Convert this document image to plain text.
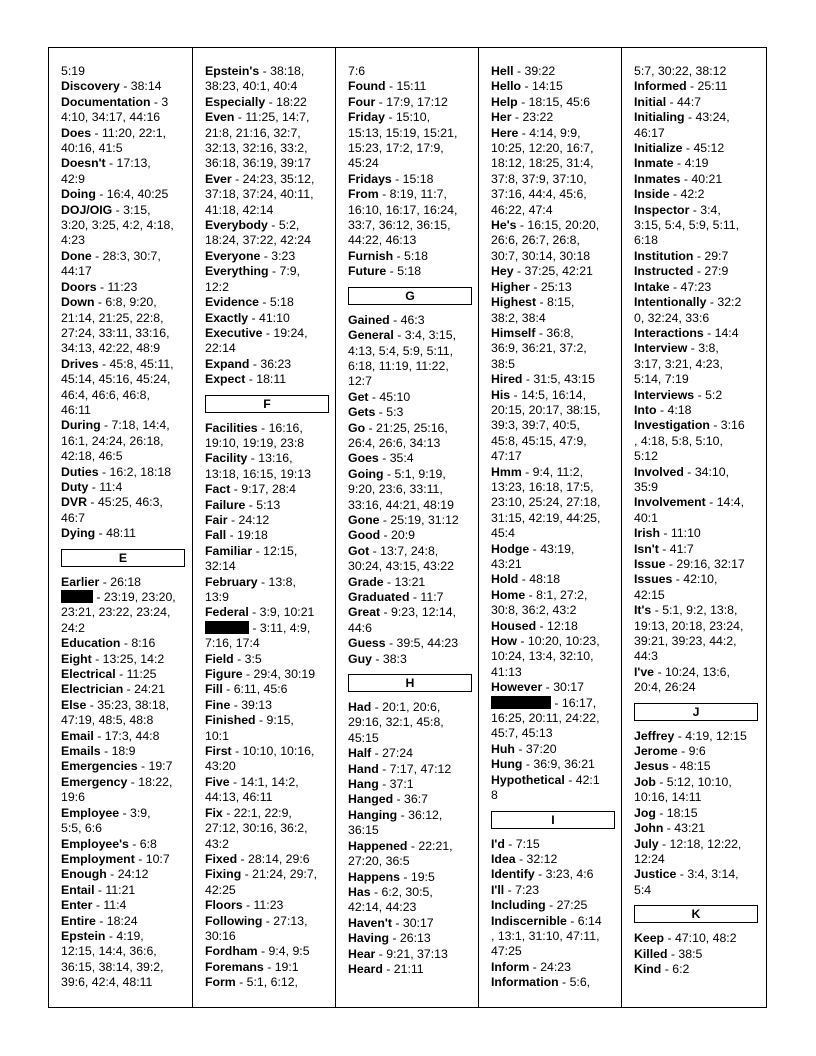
5:19
Discovery - 38:14
Documentation - 3
4:10, 34:17, 44:16
Does - 11:20, 22:1,
40:16, 41:5
Doesn't - 17:13,
42:9
Doing - 16:4, 40:25
DOJ/OIG - 3:15,
3:20, 3:25, 4:2, 4:18,
4:23
Done - 28:3, 30:7,
44:17
Doors - 11:23
Down - 6:8, 9:20,
21:14, 21:25, 22:8,
27:24, 33:11, 33:16,
34:13, 42:22, 48:9
Drives - 45:8, 45:11,
45:14, 45:16, 45:24,
46:4, 46:6, 46:8,
46:11
During - 7:18, 14:4,
16:1, 24:24, 26:18,
42:18, 46:5
Duties - 16:2, 18:18
Duty - 11:4
DVR - 45:25, 46:3,
46:7
Dying - 48:11
E
Earlier - 26:18
- 23:19, 23:20,
23:21, 23:22, 23:24,
24:2
Education - 8:16
Eight - 13:25, 14:2
Electrical - 11:25
Electrician - 24:21
Else - 35:23, 38:18,
47:19, 48:5, 48:8
Email - 17:3, 44:8
Emails - 18:9
Emergencies - 19:7
Emergency - 18:22,
19:6
Employee - 3:9,
5:5, 6:6
Employee's - 6:8
Employment - 10:7
Enough - 24:12
Entail - 11:21
Enter - 11:4
Entire - 18:24
Epstein - 4:19,
12:15, 14:4, 36:6,
36:15, 38:14, 39:2,
39:6, 42:4, 48:11
Epstein's - 38:18,
38:23, 40:1, 40:4
Especially - 18:22
Even - 11:25, 14:7,
21:8, 21:16, 32:7,
32:13, 32:16, 33:2,
36:18, 36:19, 39:17
Ever - 24:23, 35:12,
37:18, 37:24, 40:11,
41:18, 42:14
Everybody - 5:2,
18:24, 37:22, 42:24
Everyone - 3:23
Everything - 7:9,
12:2
Evidence - 5:18
Exactly - 41:10
Executive - 19:24,
22:14
Expand - 36:23
Expect - 18:11
F
Facilities - 16:16,
19:10, 19:19, 23:8
Facility - 13:16,
13:18, 16:15, 19:13
Fact - 9:17, 28:4
Failure - 5:13
Fair - 24:12
Fall - 19:18
Familiar - 12:15,
32:14
February - 13:8,
13:9
Federal - 3:9, 10:21
- 3:11, 4:9,
7:16, 17:4
Field - 3:5
Figure - 29:4, 30:19
Fill - 6:11, 45:6
Fine - 39:13
Finished - 9:15,
10:1
First - 10:10, 10:16,
43:20
Five - 14:1, 14:2,
44:13, 46:11
Fix - 22:1, 22:9,
27:12, 30:16, 36:2,
43:2
Fixed - 28:14, 29:6
Fixing - 21:24, 29:7,
42:25
Floors - 11:23
Following - 27:13,
30:16
Fordham - 9:4, 9:5
Foremans - 19:1
Form - 5:1, 6:12,
7:6
Found - 15:11
Four - 17:9, 17:12
Friday - 15:10,
15:13, 15:19, 15:21,
15:23, 17:2, 17:9,
45:24
Fridays - 15:18
From - 8:19, 11:7,
16:10, 16:17, 16:24,
33:7, 36:12, 36:15,
44:22, 46:13
Furnish - 5:18
Future - 5:18
G
Gained - 46:3
General - 3:4, 3:15,
4:13, 5:4, 5:9, 5:11,
6:18, 11:19, 11:22,
12:7
Get - 45:10
Gets - 5:3
Go - 21:25, 25:16,
26:4, 26:6, 34:13
Goes - 35:4
Going - 5:1, 9:19,
9:20, 23:6, 33:11,
33:16, 44:21, 48:19
Gone - 25:19, 31:12
Good - 20:9
Got - 13:7, 24:8,
30:24, 43:15, 43:22
Grade - 13:21
Graduated - 11:7
Great - 9:23, 12:14,
44:6
Guess - 39:5, 44:23
Guy - 38:3
H
Had - 20:1, 20:6,
29:16, 32:1, 45:8,
45:15
Half - 27:24
Hand - 7:17, 47:12
Hang - 37:1
Hanged - 36:7
Hanging - 36:12,
36:15
Happened - 22:21,
27:20, 36:5
Happens - 19:5
Has - 6:2, 30:5,
42:14, 44:23
Haven't - 30:17
Having - 26:13
Hear - 9:21, 37:13
Heard - 21:11
Hell - 39:22
Hello - 14:15
Help - 18:15, 45:6
Her - 23:22
Here - 4:14, 9:9,
10:25, 12:20, 16:7,
18:12, 18:25, 31:4,
37:8, 37:9, 37:10,
37:16, 44:4, 45:6,
46:22, 47:4
He's - 16:15, 20:20,
26:6, 26:7, 26:8,
30:7, 30:14, 30:18
Hey - 37:25, 42:21
Higher - 25:13
Highest - 8:15,
38:2, 38:4
Himself - 36:8,
36:9, 36:21, 37:2,
38:5
Hired - 31:5, 43:15
His - 14:5, 16:14,
20:15, 20:17, 38:15,
39:3, 39:7, 40:5,
45:8, 45:15, 47:9,
47:17
Hmm - 9:4, 11:2,
13:23, 16:18, 17:5,
23:10, 25:24, 27:18,
31:15, 42:19, 44:25,
45:4
Hodge - 43:19,
43:21
Hold - 48:18
Home - 8:1, 27:2,
30:8, 36:2, 43:2
Housed - 12:18
How - 10:20, 10:23,
10:24, 13:4, 32:10,
41:13
However - 30:17
- 16:17,
16:25, 20:11, 24:22,
45:7, 45:13
Huh - 37:20
Hung - 36:9, 36:21
Hypothetical - 42:1
8
I
I'd - 7:15
Idea - 32:12
Identify - 3:23, 4:6
I'll - 7:23
Including - 27:25
Indiscernible - 6:14
, 13:1, 31:10, 47:11,
47:25
Inform - 24:23
Information - 5:6,
5:7, 30:22, 38:12
Informed - 25:11
Initial - 44:7
Initialing - 43:24,
46:17
Initialize - 45:12
Inmate - 4:19
Inmates - 40:21
Inside - 42:2
Inspector - 3:4,
3:15, 5:4, 5:9, 5:11,
6:18
Institution - 29:7
Instructed - 27:9
Intake - 47:23
Intentionally - 32:2
0, 32:24, 33:6
Interactions - 14:4
Interview - 3:8,
3:17, 3:21, 4:23,
5:14, 7:19
Interviews - 5:2
Into - 4:18
Investigation - 3:16
, 4:18, 5:8, 5:10,
5:12
Involved - 34:10,
35:9
Involvement - 14:4,
40:1
Irish - 11:10
Isn't - 41:7
Issue - 29:16, 32:17
Issues - 42:10,
42:15
It's - 5:1, 9:2, 13:8,
19:13, 20:18, 23:24,
39:21, 39:23, 44:2,
44:3
I've - 10:24, 13:6,
20:4, 26:24
J
Jeffrey - 4:19, 12:15
Jerome - 9:6
Jesus - 48:15
Job - 5:12, 10:10,
10:16, 14:11
Jog - 18:15
John - 43:21
July - 12:18, 12:22,
12:24
Justice - 3:4, 3:14,
5:4
K
Keep - 47:10, 48:2
Killed - 38:5
Kind - 6:2
